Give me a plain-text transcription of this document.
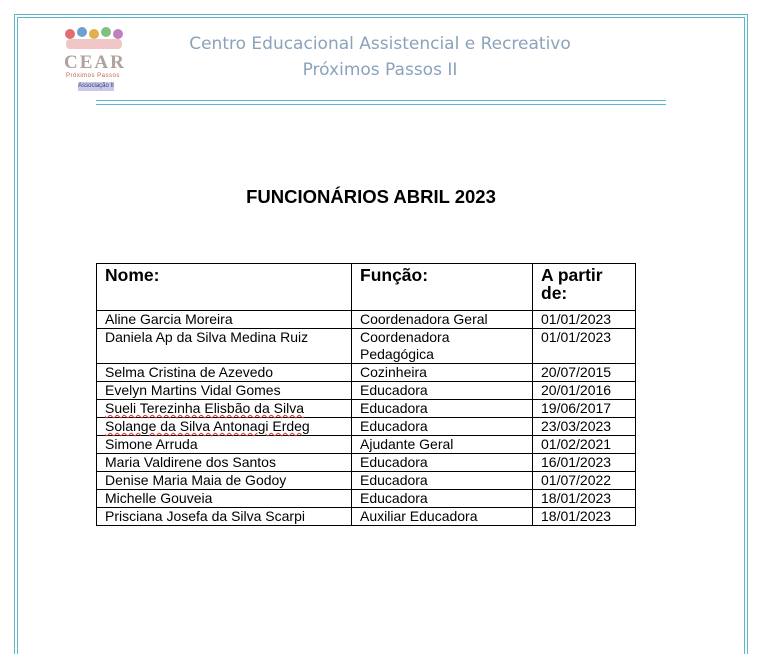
CEAR
Próximos Passos
Associação II
Centro Educacional Assistencial e Recreativo
Próximos Passos II
FUNCIONÁRIOS ABRIL 2023
Nome:	Função:	A partir de:
Aline Garcia Moreira	Coordenadora Geral	01/01/2023
Daniela Ap da Silva Medina Ruiz	Coordenadora Pedagógica	01/01/2023
Selma Cristina de Azevedo	Cozinheira	20/07/2015
Evelyn Martins Vidal Gomes	Educadora	20/01/2016
Sueli Terezinha Elisbão da Silva	Educadora	19/06/2017
Solange da Silva Antonagi Erdeg	Educadora	23/03/2023
Simone Arruda	Ajudante Geral	01/02/2021
Maria Valdirene dos Santos	Educadora	16/01/2023
Denise Maria Maia de Godoy	Educadora	01/07/2022
Michelle Gouveia	Educadora	18/01/2023
Prisciana Josefa da Silva Scarpi	Auxiliar Educadora	18/01/2023
